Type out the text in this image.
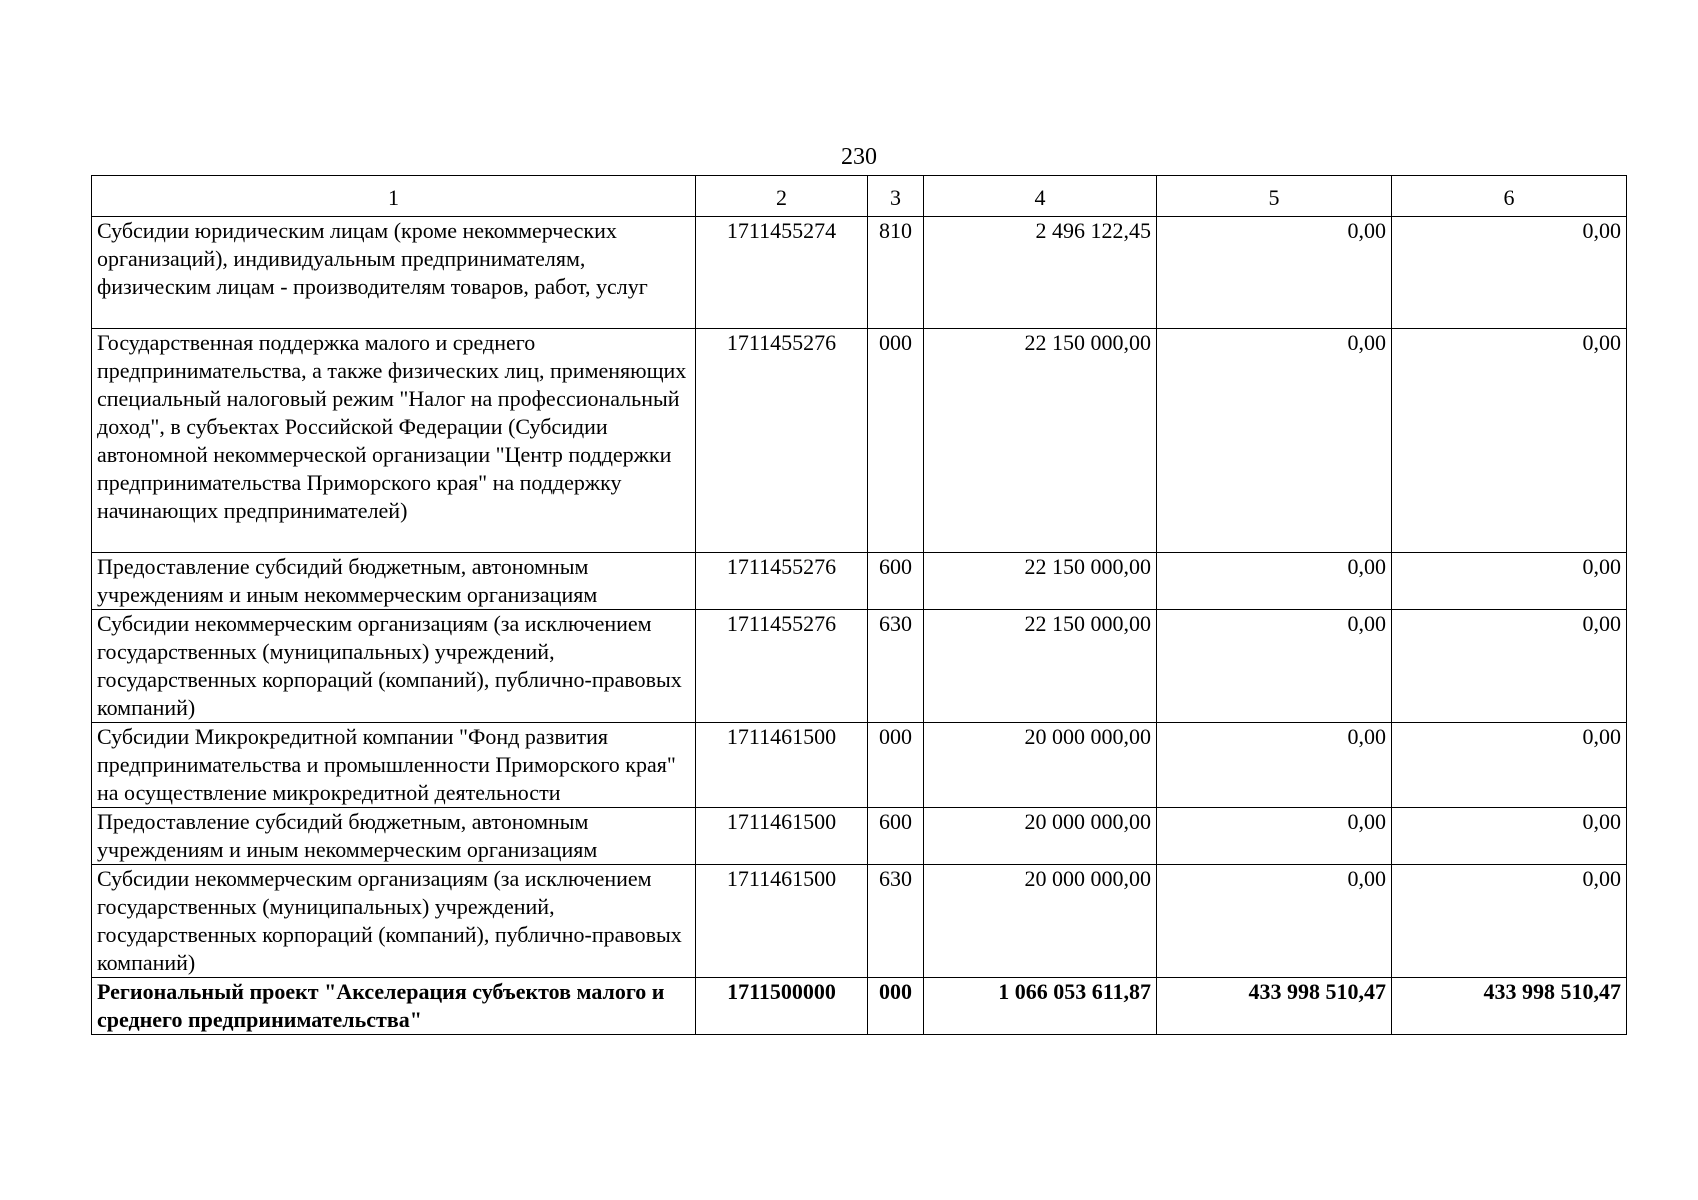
230
1	2	3	4	5	6
Субсидии юридическим лицам (кроме некоммерческих организаций), индивидуальным предпринимателям, физическим лицам - производителям товаров, работ, услуг	1711455274	810	2 496 122,45	0,00	0,00
Государственная поддержка малого и среднего предпринимательства, а также физических лиц, применяющих специальный налоговый режим "Налог на профессиональный доход", в субъектах Российской Федерации (Субсидии автономной некоммерческой организации "Центр поддержки предпринимательства Приморского края" на поддержку начинающих предпринимателей)	1711455276	000	22 150 000,00	0,00	0,00
Предоставление субсидий бюджетным, автономным учреждениям и иным некоммерческим организациям	1711455276	600	22 150 000,00	0,00	0,00
Субсидии некоммерческим организациям (за исключением государственных (муниципальных) учреждений, государственных корпораций (компаний), публично-правовых компаний)	1711455276	630	22 150 000,00	0,00	0,00
Субсидии Микрокредитной компании "Фонд развития предпринимательства и промышленности Приморского края" на осуществление микрокредитной деятельности	1711461500	000	20 000 000,00	0,00	0,00
Предоставление субсидий бюджетным, автономным учреждениям и иным некоммерческим организациям	1711461500	600	20 000 000,00	0,00	0,00
Субсидии некоммерческим организациям (за исключением государственных (муниципальных) учреждений, государственных корпораций (компаний), публично-правовых компаний)	1711461500	630	20 000 000,00	0,00	0,00
Региональный проект "Акселерация субъектов малого и среднего предпринимательства"	1711500000	000	1 066 053 611,87	433 998 510,47	433 998 510,47
